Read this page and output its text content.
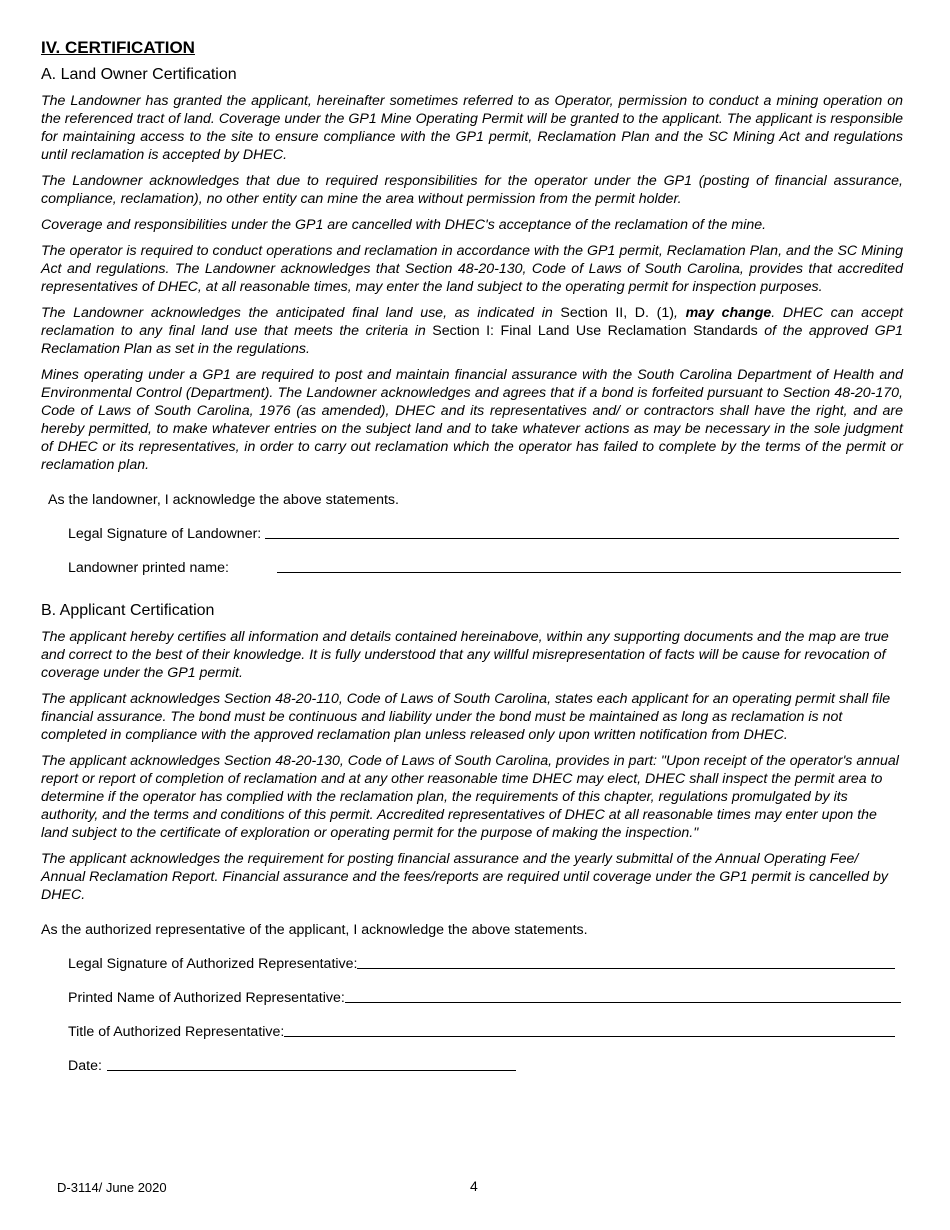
IV. CERTIFICATION
A. Land Owner Certification

The Landowner has granted the applicant, hereinafter sometimes referred to as Operator, permission to conduct a mining operation on the referenced tract of land. Coverage under the GP1 Mine Operating Permit will be granted to the applicant. The applicant is responsible for maintaining access to the site to ensure compliance with the GP1 permit, Reclamation Plan and the SC Mining Act and regulations until reclamation is accepted by DHEC.

The Landowner acknowledges that due to required responsibilities for the operator under the GP1 (posting of financial assurance, compliance, reclamation), no other entity can mine the area without permission from the permit holder.

Coverage and responsibilities under the GP1 are cancelled with DHEC's acceptance of the reclamation of the mine.

The operator is required to conduct operations and reclamation in accordance with the GP1 permit, Reclamation Plan, and the SC Mining Act and regulations. The Landowner acknowledges that Section 48-20-130, Code of Laws of South Carolina, provides that accredited representatives of DHEC, at all reasonable times, may enter the land subject to the operating permit for inspection purposes.

The Landowner acknowledges the anticipated final land use, as indicated in Section II, D. (1), may change. DHEC can accept reclamation to any final land use that meets the criteria in Section I: Final Land Use Reclamation Standards of the approved GP1 Reclamation Plan as set in the regulations.

Mines operating under a GP1 are required to post and maintain financial assurance with the South Carolina Department of Health and Environmental Control (Department). The Landowner acknowledges and agrees that if a bond is forfeited pursuant to Section 48-20-170, Code of Laws of South Carolina, 1976 (as amended), DHEC and its representatives and/ or contractors shall have the right, and are hereby permitted, to make whatever entries on the subject land and to take whatever actions as may be necessary in the sole judgment of DHEC or its representatives, in order to carry out reclamation which the operator has failed to complete by the terms of the permit or reclamation plan.

As the landowner, I acknowledge the above statements.

Legal Signature of Landowner:
Landowner printed name:
B. Applicant Certification

The applicant hereby certifies all information and details contained hereinabove, within any supporting documents and the map are true and correct to the best of their knowledge. It is fully understood that any willful misrepresentation of facts will be cause for revocation of coverage under the GP1 permit.

The applicant acknowledges Section 48-20-110, Code of Laws of South Carolina, states each applicant for an operating permit shall file financial assurance. The bond must be continuous and liability under the bond must be maintained as long as reclamation is not completed in compliance with the approved reclamation plan unless released only upon written notification from DHEC.

The applicant acknowledges Section 48-20-130, Code of Laws of South Carolina, provides in part: "Upon receipt of the operator's annual report or report of completion of reclamation and at any other reasonable time DHEC may elect, DHEC shall inspect the permit area to determine if the operator has complied with the reclamation plan, the requirements of this chapter, regulations promulgated by its authority, and the terms and conditions of this permit. Accredited representatives of DHEC at all reasonable times may enter upon the land subject to the certificate of exploration or operating permit for the purpose of making the inspection."

The applicant acknowledges the requirement for posting financial assurance and the yearly submittal of the Annual Operating Fee/ Annual Reclamation Report. Financial assurance and the fees/reports are required until coverage under the GP1 permit is cancelled by DHEC.

As the authorized representative of the applicant, I acknowledge the above statements.

Legal Signature of Authorized Representative:
Printed Name of Authorized Representative:
Title of Authorized Representative:
Date:
D-3114/ June 2020	4
